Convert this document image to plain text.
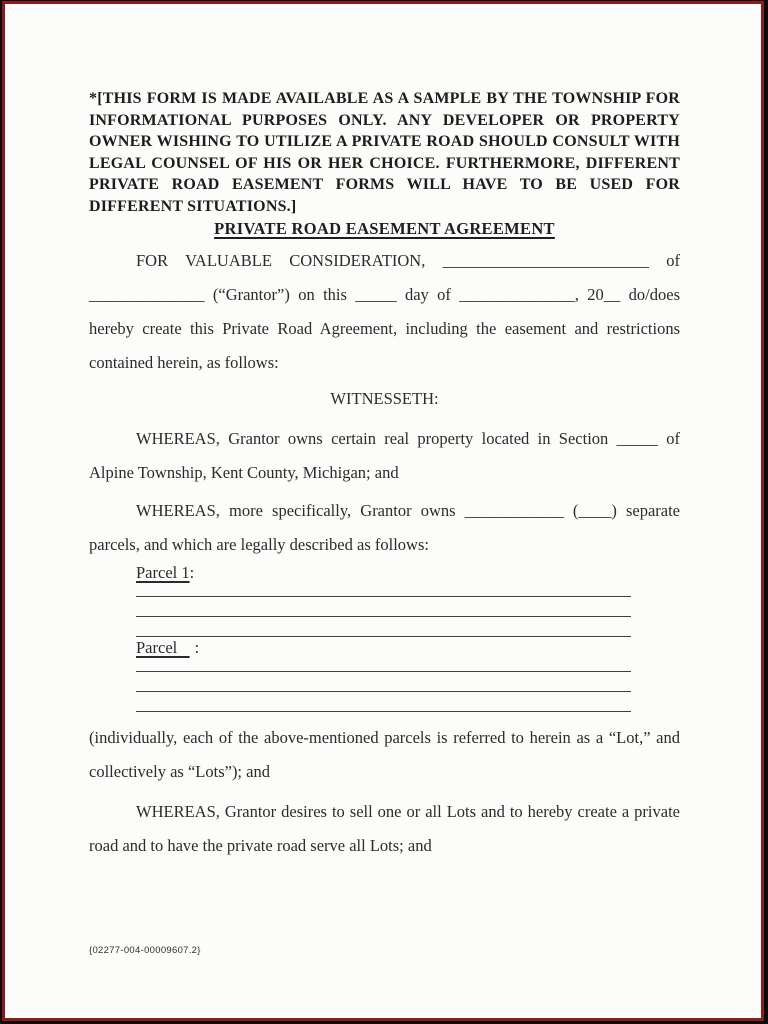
*[THIS FORM IS MADE AVAILABLE AS A SAMPLE BY THE TOWNSHIP FOR INFORMATIONAL PURPOSES ONLY. ANY DEVELOPER OR PROPERTY OWNER WISHING TO UTILIZE A PRIVATE ROAD SHOULD CONSULT WITH LEGAL COUNSEL OF HIS OR HER CHOICE. FURTHERMORE, DIFFERENT PRIVATE ROAD EASEMENT FORMS WILL HAVE TO BE USED FOR DIFFERENT SITUATIONS.]

PRIVATE ROAD EASEMENT AGREEMENT

FOR VALUABLE CONSIDERATION, _________________________ of ______________ (“Grantor”) on this _____ day of ______________, 20__ do/does hereby create this Private Road Agreement, including the easement and restrictions contained herein, as follows:

WITNESSETH:

WHEREAS, Grantor owns certain real property located in Section _____ of Alpine Township, Kent County, Michigan; and

WHEREAS, more specifically, Grantor owns ____________ (____) separate parcels, and which are legally described as follows:

Parcel 1:
Parcel   :

(individually, each of the above-mentioned parcels is referred to herein as a “Lot,” and collectively as “Lots”); and

WHEREAS, Grantor desires to sell one or all Lots and to hereby create a private road and to have the private road serve all Lots; and

{02277-004-00009607.2}
